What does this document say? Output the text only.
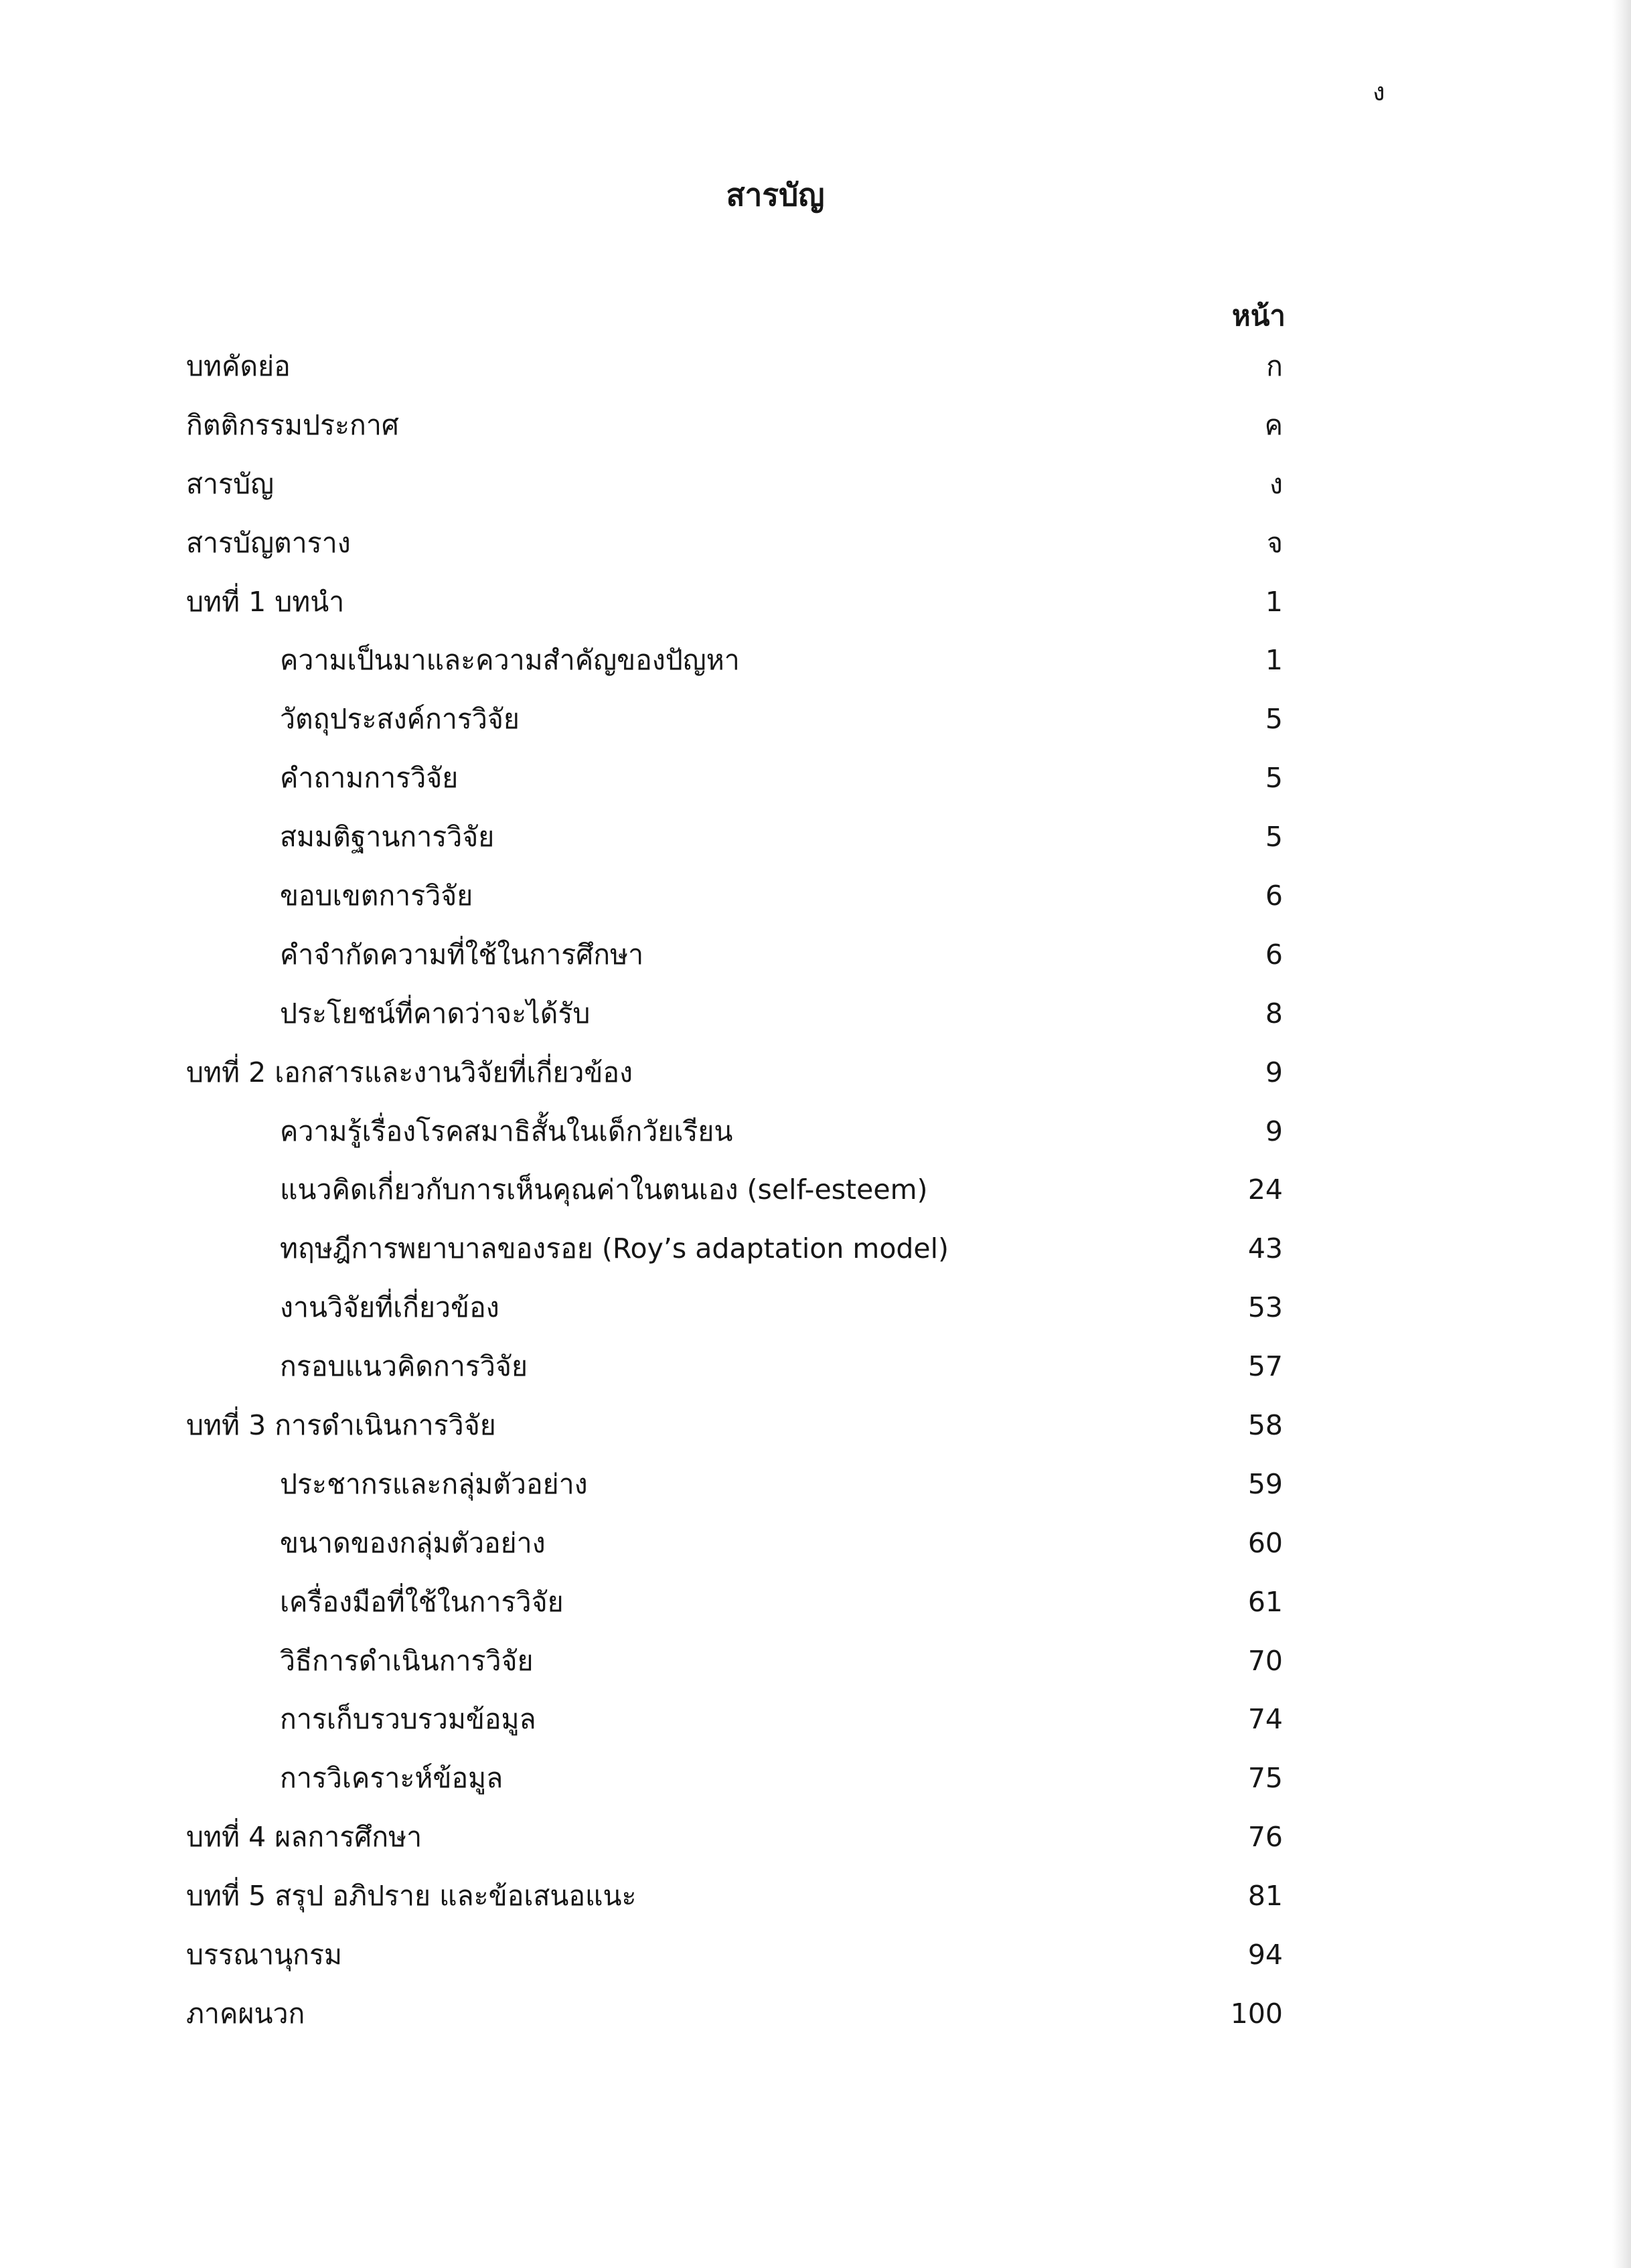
ง
สารบัญ
หน้า
บทคัดย่อ	ก
กิตติกรรมประกาศ	ค
สารบัญ	ง
สารบัญตาราง	จ
บทที่ 1 บทนำ	1
ความเป็นมาและความสำคัญของปัญหา	1
วัตถุประสงค์การวิจัย	5
คำถามการวิจัย	5
สมมติฐานการวิจัย	5
ขอบเขตการวิจัย	6
คำจำกัดความที่ใช้ในการศึกษา	6
ประโยชน์ที่คาดว่าจะได้รับ	8
บทที่ 2 เอกสารและงานวิจัยที่เกี่ยวข้อง	9
ความรู้เรื่องโรคสมาธิสั้นในเด็กวัยเรียน	9
แนวคิดเกี่ยวกับการเห็นคุณค่าในตนเอง (self-esteem)	24
ทฤษฎีการพยาบาลของรอย (Roy’s adaptation model)	43
งานวิจัยที่เกี่ยวข้อง	53
กรอบแนวคิดการวิจัย	57
บทที่ 3 การดำเนินการวิจัย	58
ประชากรและกลุ่มตัวอย่าง	59
ขนาดของกลุ่มตัวอย่าง	60
เครื่องมือที่ใช้ในการวิจัย	61
วิธีการดำเนินการวิจัย	70
การเก็บรวบรวมข้อมูล	74
การวิเคราะห์ข้อมูล	75
บทที่ 4 ผลการศึกษา	76
บทที่ 5 สรุป อภิปราย และข้อเสนอแนะ	81
บรรณานุกรม	94
ภาคผนวก	100
